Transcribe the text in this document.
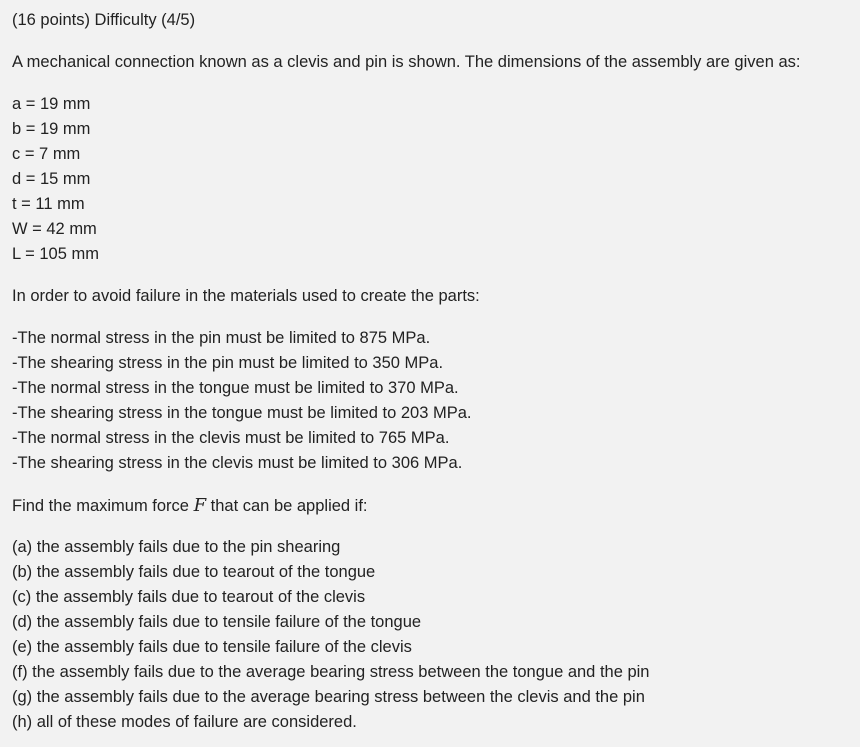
(16 points) Difficulty (4/5)
A mechanical connection known as a clevis and pin is shown. The dimensions of the assembly are given as:
a = 19 mm
b = 19 mm
c = 7 mm
d = 15 mm
t = 11 mm
W = 42 mm
L = 105 mm
In order to avoid failure in the materials used to create the parts:
-The normal stress in the pin must be limited to 875 MPa.
-The shearing stress in the pin must be limited to 350 MPa.
-The normal stress in the tongue must be limited to 370 MPa.
-The shearing stress in the tongue must be limited to 203 MPa.
-The normal stress in the clevis must be limited to 765 MPa.
-The shearing stress in the clevis must be limited to 306 MPa.
Find the maximum force F that can be applied if:
(a) the assembly fails due to the pin shearing
(b) the assembly fails due to tearout of the tongue
(c) the assembly fails due to tearout of the clevis
(d) the assembly fails due to tensile failure of the tongue
(e) the assembly fails due to tensile failure of the clevis
(f) the assembly fails due to the average bearing stress between the tongue and the pin
(g) the assembly fails due to the average bearing stress between the clevis and the pin
(h) all of these modes of failure are considered.
